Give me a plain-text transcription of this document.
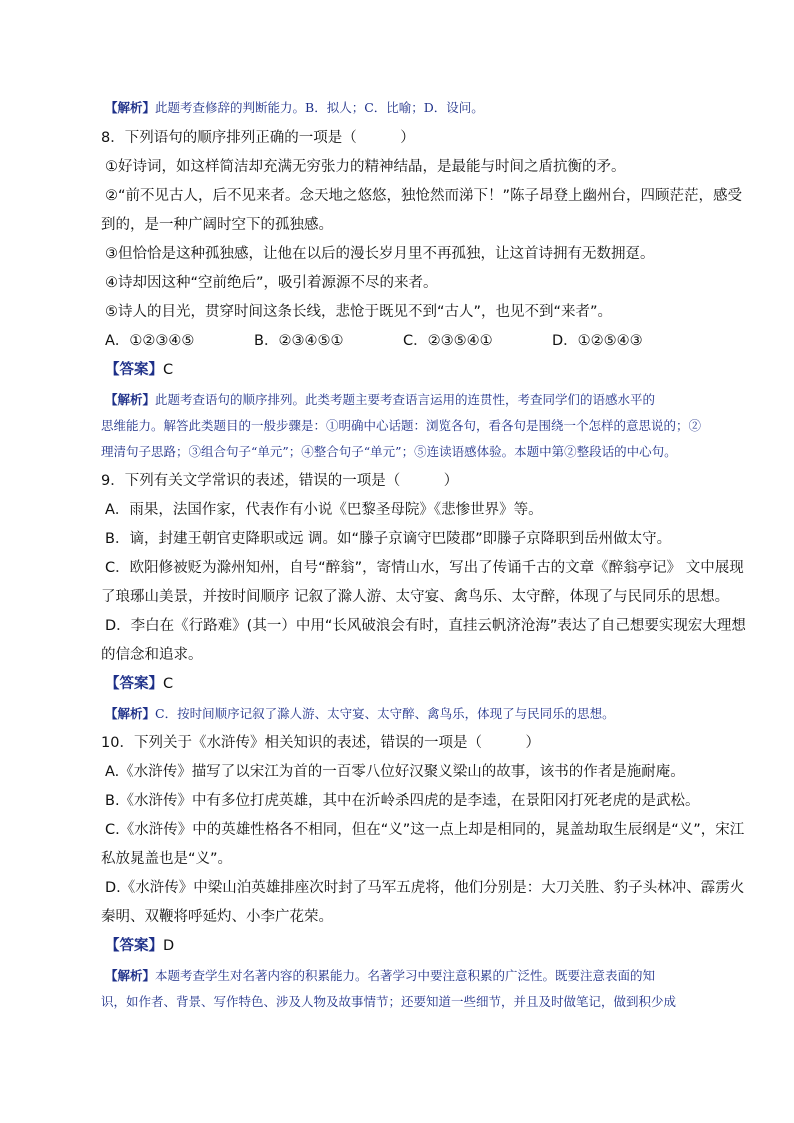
【解析】此题考查修辞的判断能力。B．拟人；C．比喻；D．设问。

8．下列语句的顺序排列正确的一项是（　　　）

①好诗词，如这样简洁却充满无穷张力的精神结晶，是最能与时间之盾抗衡的矛。

②“前不见古人，后不见来者。念天地之悠悠，独怆然而涕下！”陈子昂登上幽州台，四顾茫茫，感受

到的，是一种广阔时空下的孤独感。

③但恰恰是这种孤独感，让他在以后的漫长岁月里不再孤独，让这首诗拥有无数拥趸。

④诗却因这种“空前绝后”，吸引着源源不尽的来者。

⑤诗人的目光，贯穿时间这条长线，悲怆于既见不到“古人”，也见不到“来者”。

A．①②③④⑤	B．②③④⑤①	C．②③⑤④①	D．①②⑤④③

【答案】C

【解析】此题考查语句的顺序排列。此类考题主要考查语言运用的连贯性，考查同学们的语感水平的

思维能力。解答此类题目的一般步骤是：①明确中心话题：浏览各句，看各句是围绕一个怎样的意思说的；②

理清句子思路；③组合句子“单元”；④整合句子“单元”；⑤连读语感体验。本题中第②整段话的中心句。

9．下列有关文学常识的表述，错误的一项是（　　　）

A．雨果，法国作家，代表作有小说《巴黎圣母院》《悲惨世界》等。

B．谪，封建王朝官吏降职或远 调。如“滕子京谪守巴陵郡”即滕子京降职到岳州做太守。

C．欧阳修被贬为滁州知州，自号“醉翁”，寄情山水，写出了传诵千古的文章《醉翁亭记》 文中展现

了琅琊山美景，并按时间顺序 记叙了滁人游、太守宴、禽鸟乐、太守醉，体现了与民同乐的思想。

D．李白在《行路难》(其一）中用“长风破浪会有时，直挂云帆济沧海”表达了自己想要实现宏大理想

的信念和追求。

【答案】C

【解析】C．按时间顺序记叙了滁人游、太守宴、太守醉、禽鸟乐，体现了与民同乐的思想。

10．下列关于《水浒传》相关知识的表述，错误的一项是（　　　）

A.《水浒传》描写了以宋江为首的一百零八位好汉聚义梁山的故事，该书的作者是施耐庵。

B.《水浒传》中有多位打虎英雄，其中在沂岭杀四虎的是李逵，在景阳冈打死老虎的是武松。

C.《水浒传》中的英雄性格各不相同，但在“义”这一点上却是相同的，晁盖劫取生辰纲是“义”，宋江

私放晁盖也是“义”。

D.《水浒传》中梁山泊英雄排座次时封了马军五虎将，他们分别是：大刀关胜、豹子头林冲、霹雳火

秦明、双鞭将呼延灼、小李广花荣。

【答案】D

【解析】本题考查学生对名著内容的积累能力。名著学习中要注意积累的广泛性。既要注意表面的知

识，如作者、背景、写作特色、涉及人物及故事情节；还要知道一些细节，并且及时做笔记，做到积少成
